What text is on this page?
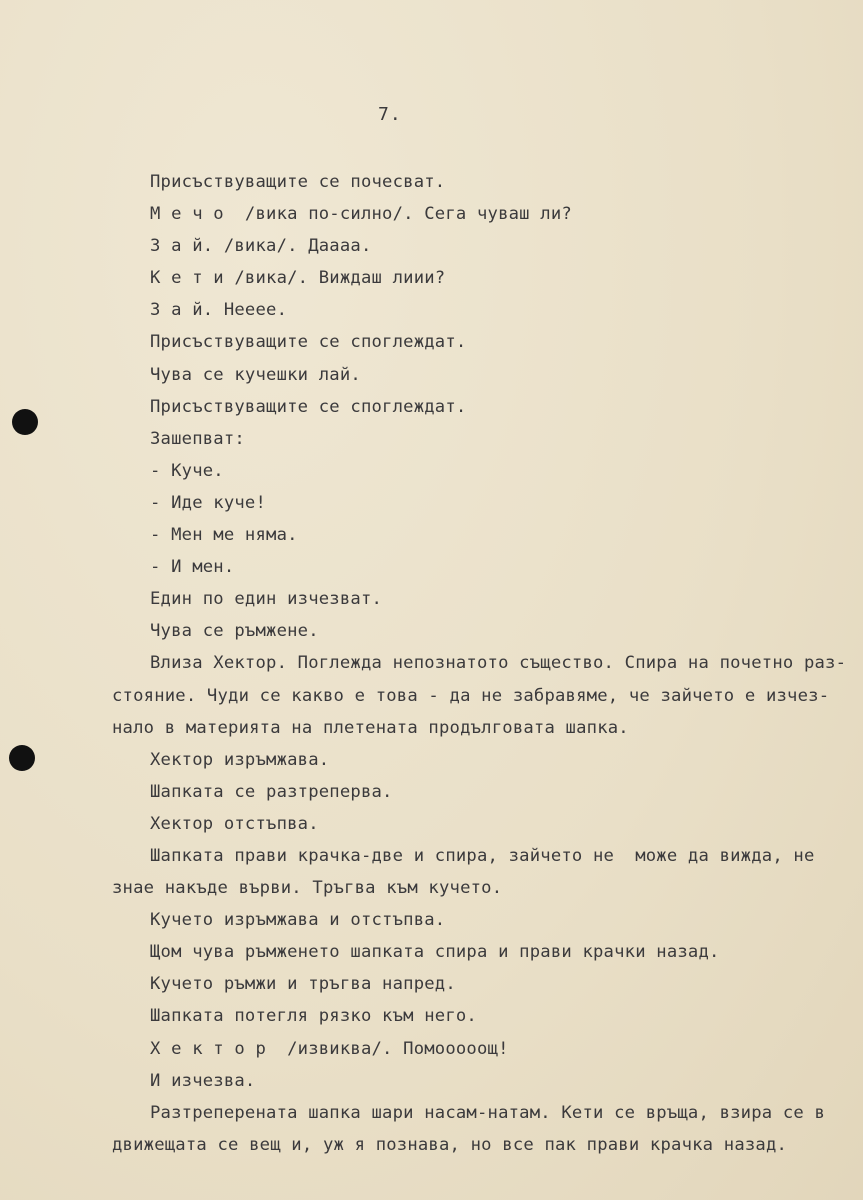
7.
Присъствуващите се почесват.
М е ч о  /вика по-силно/. Сега чуваш ли?
З а й. /вика/. Даааа.
К е т и /вика/. Виждаш лиии?
З а й. Нееее.
Присъствуващите се споглеждат.
Чува се кучешки лай.
Присъствуващите се споглеждат.
Зашепват:
- Куче.
- Иде куче!
- Мен ме няма.
- И мен.
Един по един изчезват.
Чува се ръмжене.
Влиза Хектор. Поглежда непознатото същество. Спира на почетно раз-
стояние. Чуди се какво е това - да не забравяме, че зайчето е изчез-
нало в материята на плетената продълговата шапка.
Хектор изръмжава.
Шапката се разтреперва.
Хектор отстъпва.
Шапката прави крачка-две и спира, зайчето не  може да вижда, не
знае накъде върви. Тръгва към кучето.
Кучето изръмжава и отстъпва.
Щом чува ръмженето шапката спира и прави крачки назад.
Кучето ръмжи и тръгва напред.
Шапката потегля рязко към него.
Х е к т о р  /извиква/. Помооооощ!
И изчезва.
Разтреперената шапка шари насам-натам. Кети се връща, взира се в
движещата се вещ и, уж я познава, но все пак прави крачка назад.
